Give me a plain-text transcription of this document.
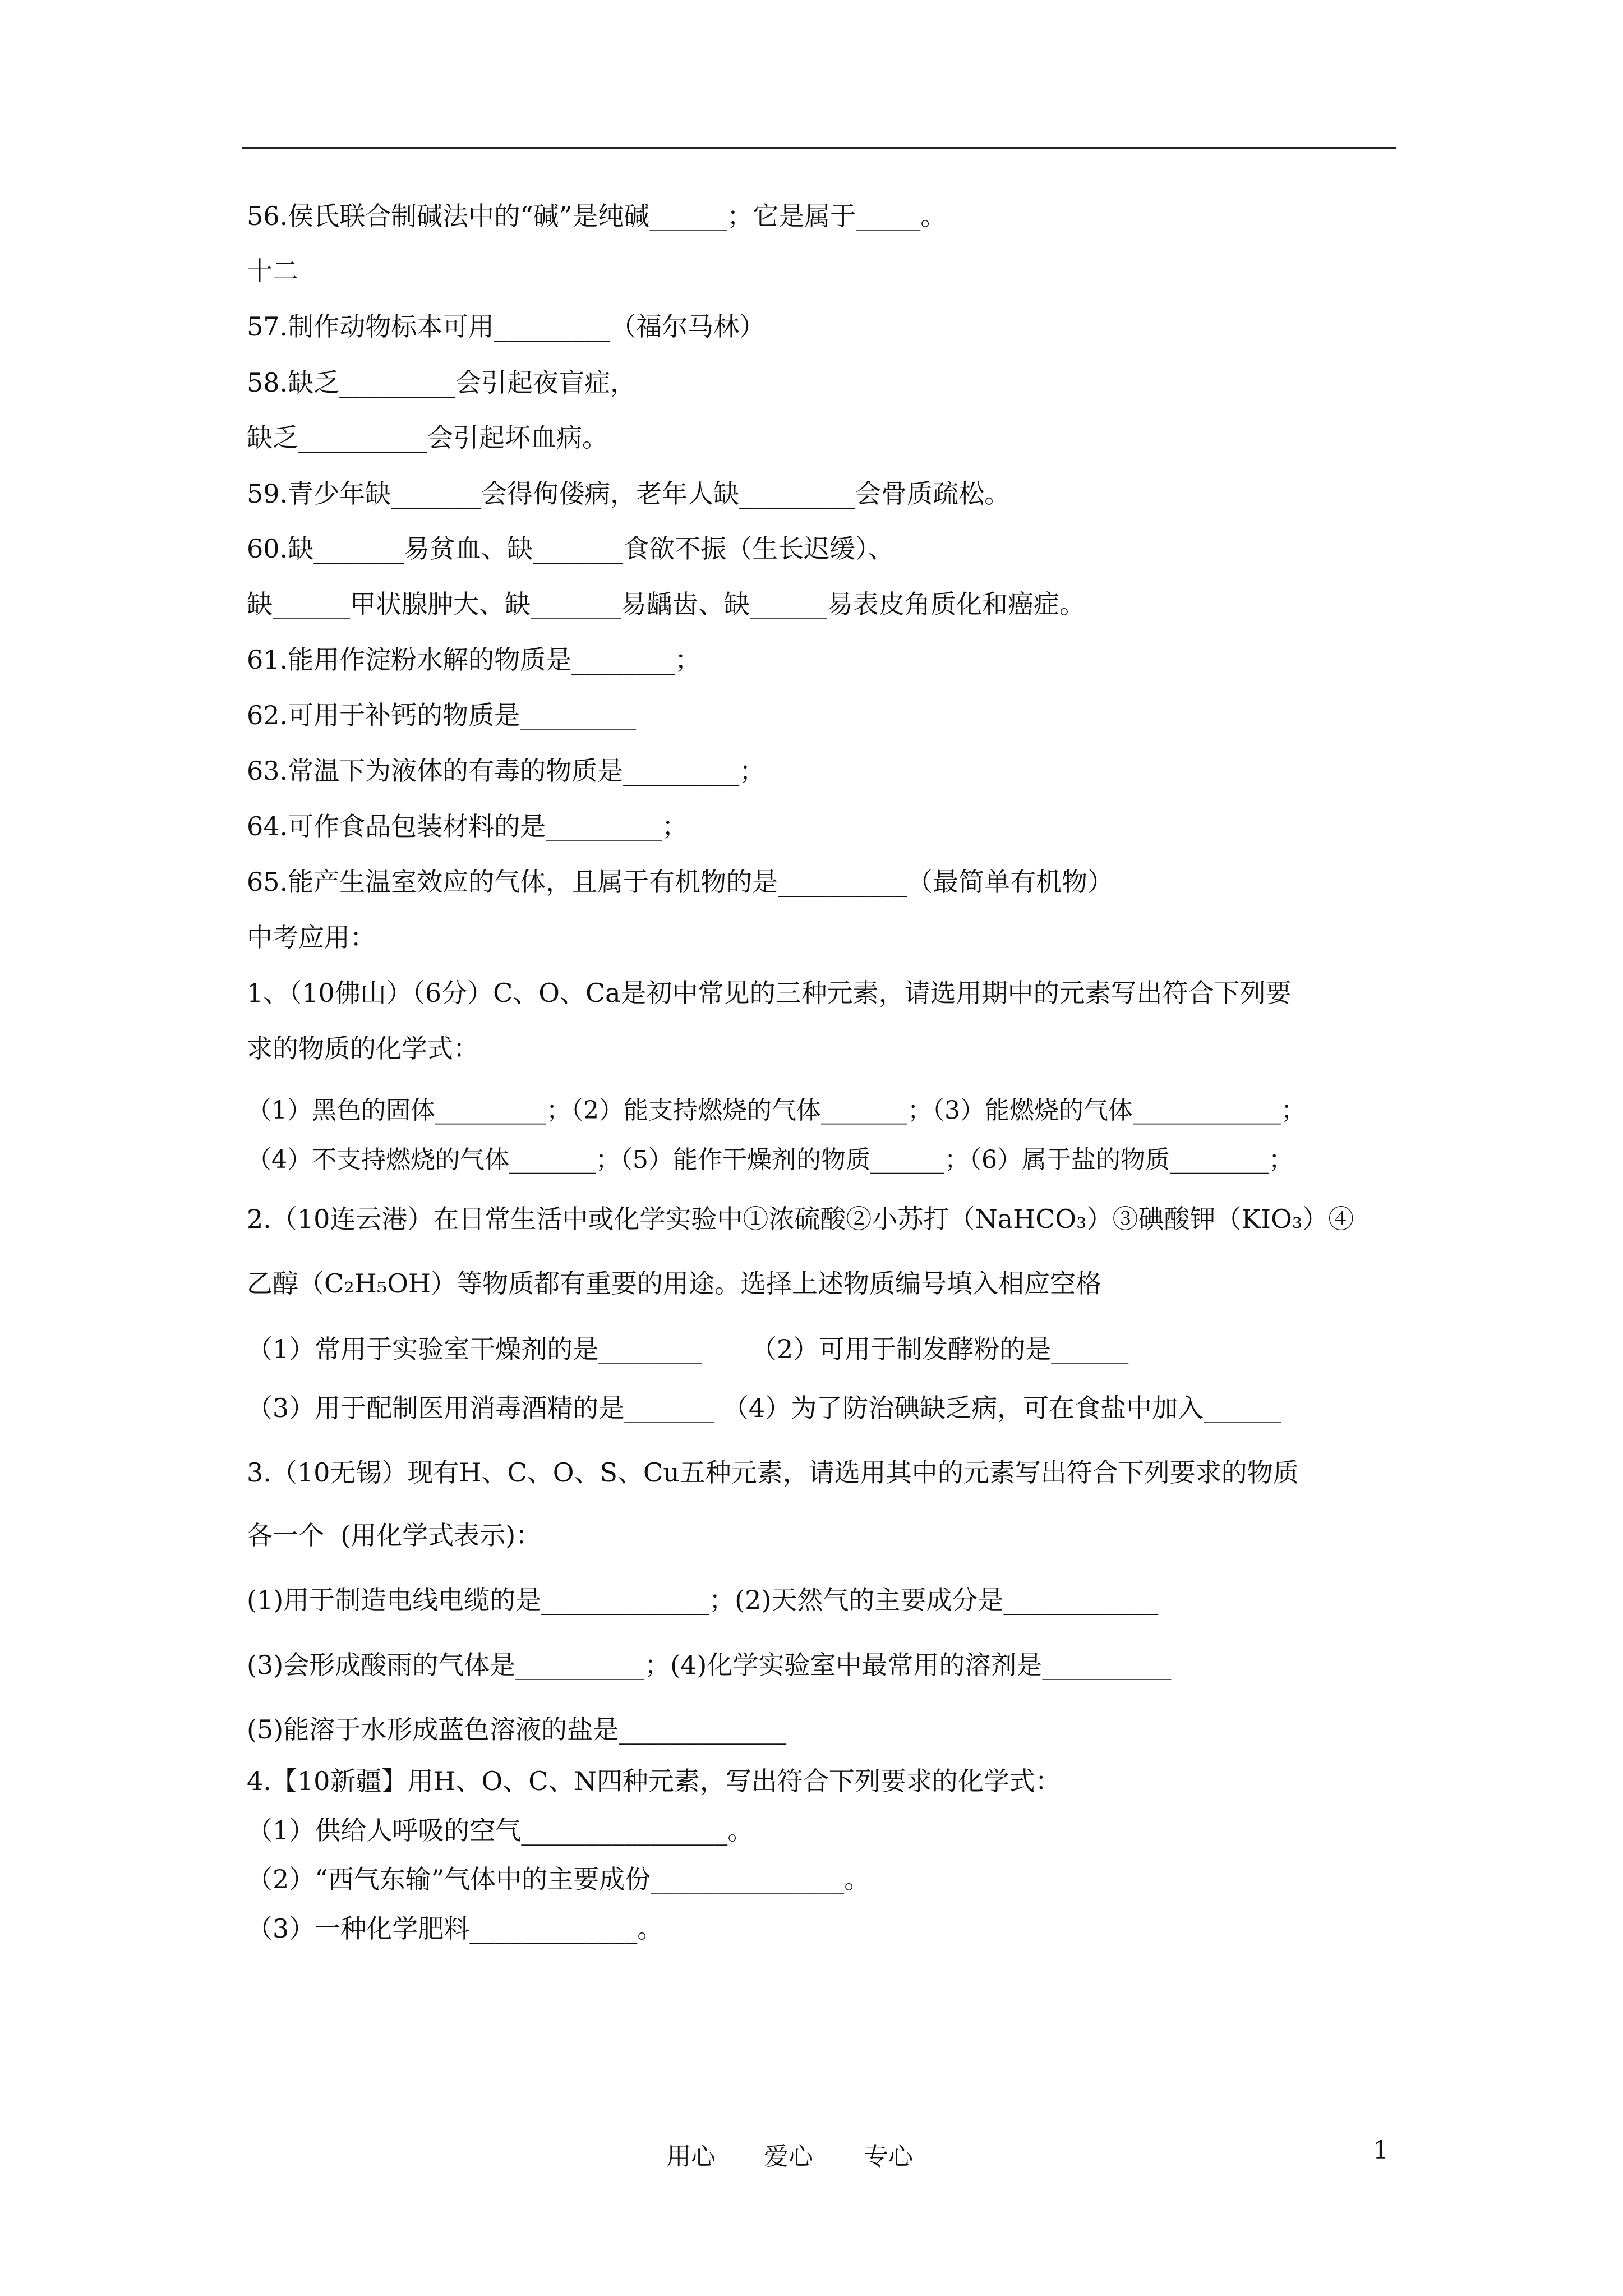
56.侯氏联合制碱法中的“碱”是纯碱______；它是属于_____。
十二
57.制作动物标本可用_________（福尔马林）
58.缺乏_________会引起夜盲症，
缺乏__________会引起坏血病。
59.青少年缺_______会得佝偻病，老年人缺_________会骨质疏松。
60.缺_______易贫血、缺_______食欲不振（生长迟缓）、
缺______甲状腺肿大、缺_______易龋齿、缺______易表皮角质化和癌症。
61.能用作淀粉水解的物质是________；
62.可用于补钙的物质是_________
63.常温下为液体的有毒的物质是_________；
64.可作食品包装材料的是_________；
65.能产生温室效应的气体，且属于有机物的是__________（最简单有机物）
中考应用：
1、（10佛山）（6分）C、O、Ca是初中常见的三种元素，请选用期中的元素写出符合下列要
求的物质的化学式：
（1）黑色的固体_________；（2）能支持燃烧的气体_______；（3）能燃烧的气体____________；
（4）不支持燃烧的气体_______；（5）能作干燥剂的物质______；（6）属于盐的物质________；
2.（10连云港）在日常生活中或化学实验中①浓硫酸②小苏打（NaHCO₃）③碘酸钾（KIO₃）④
乙醇（C₂H₅OH）等物质都有重要的用途。选择上述物质编号填入相应空格
（1）常用于实验室干燥剂的是________      （2）可用于制发酵粉的是______
（3）用于配制医用消毒酒精的是_______ （4）为了防治碘缺乏病，可在食盐中加入______
3.（10无锡）现有H、C、O、S、Cu五种元素，请选用其中的元素写出符合下列要求的物质
各一个  (用化学式表示)：
(1)用于制造电线电缆的是_____________；(2)天然气的主要成分是____________
(3)会形成酸雨的气体是__________；(4)化学实验室中最常用的溶剂是__________
(5)能溶于水形成蓝色溶液的盐是_____________
4.【10新疆】用H、O、C、N四种元素，写出符合下列要求的化学式：
（1）供给人呼吸的空气________________。
（2）“西气东输”气体中的主要成份_______________。
（3）一种化学肥料_____________。
用心 爱心 专心	1
